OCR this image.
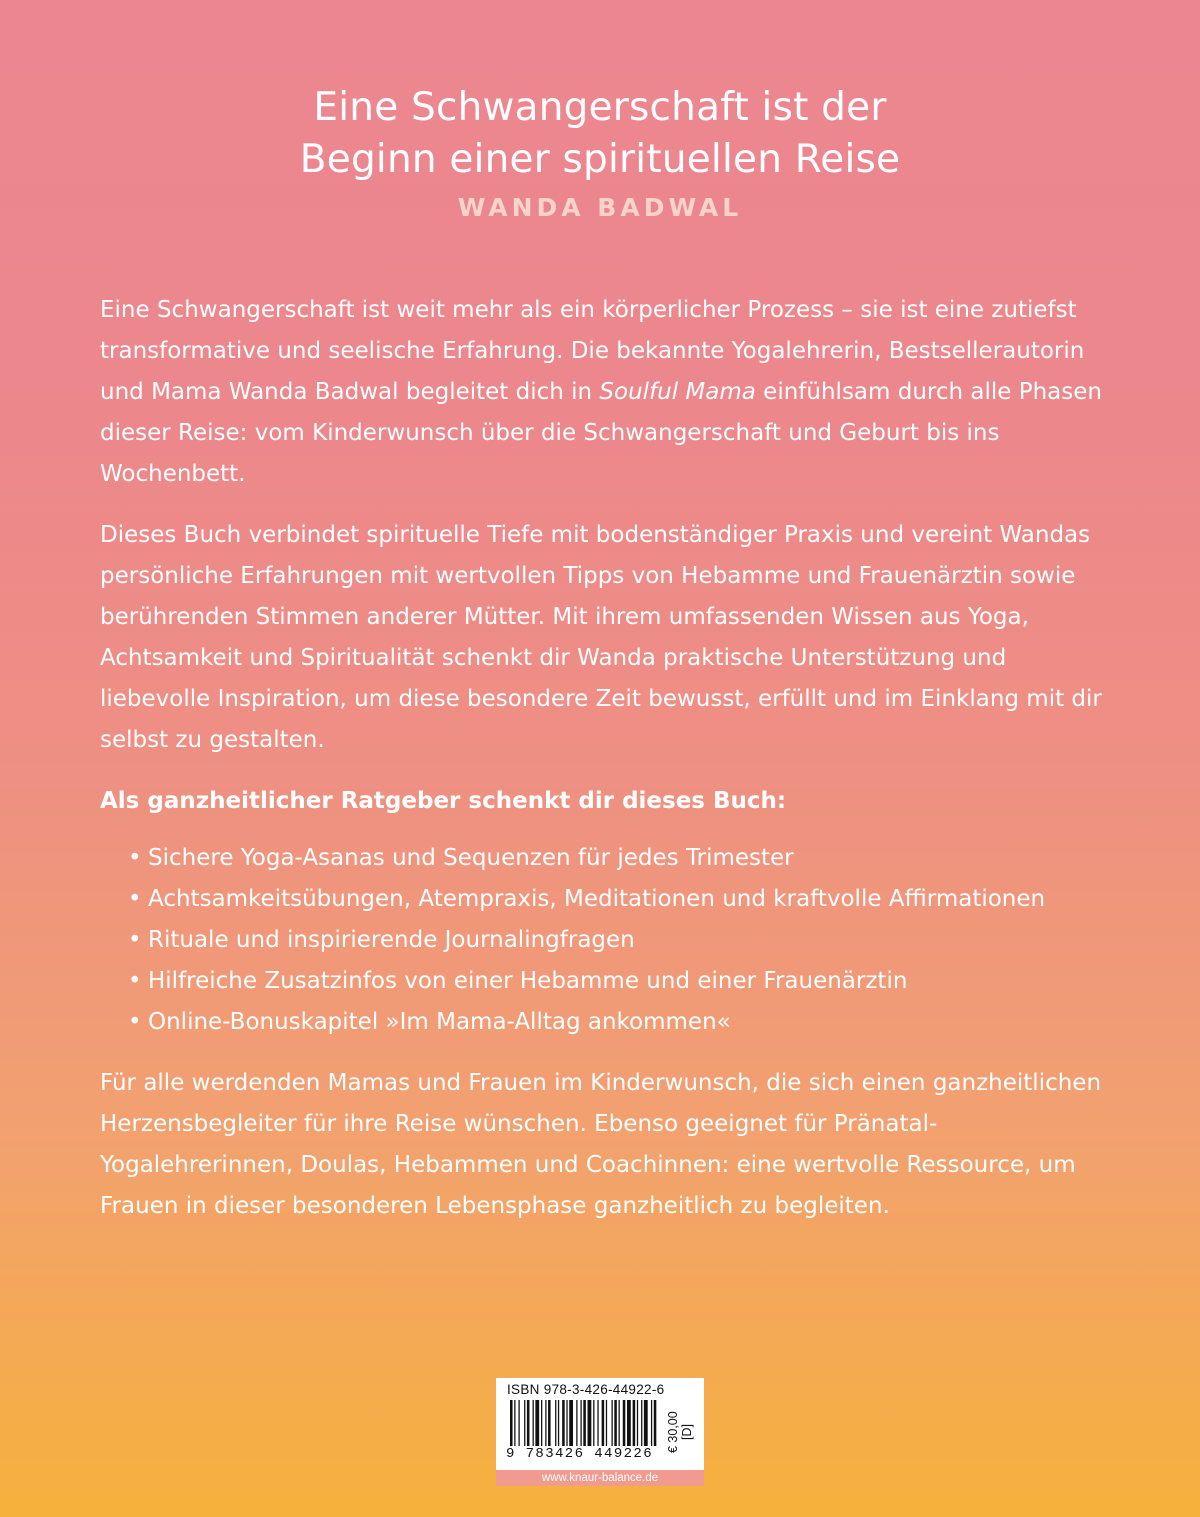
Eine Schwangerschaft ist der
Beginn einer spirituellen Reise
WANDA BADWAL

Eine Schwangerschaft ist weit mehr als ein körperlicher Prozess – sie ist eine zutiefst transformative und seelische Erfahrung. Die bekannte Yogalehrerin, Bestsellerautorin und Mama Wanda Badwal begleitet dich in Soulful Mama einfühlsam durch alle Phasen dieser Reise: vom Kinderwunsch über die Schwangerschaft und Geburt bis ins Wochenbett.

Dieses Buch verbindet spirituelle Tiefe mit bodenständiger Praxis und vereint Wandas persönliche Erfahrungen mit wertvollen Tipps von Hebamme und Frauenärztin sowie berührenden Stimmen anderer Mütter. Mit ihrem umfassenden Wissen aus Yoga, Achtsamkeit und Spiritualität schenkt dir Wanda praktische Unterstützung und liebevolle Inspiration, um diese besondere Zeit bewusst, erfüllt und im Einklang mit dir selbst zu gestalten.

Als ganzheitlicher Ratgeber schenkt dir dieses Buch:

• Sichere Yoga-Asanas und Sequenzen für jedes Trimester
• Achtsamkeitsübungen, Atempraxis, Meditationen und kraftvolle Affirmationen
• Rituale und inspirierende Journalingfragen
• Hilfreiche Zusatzinfos von einer Hebamme und einer Frauenärztin
• Online-Bonuskapitel »Im Mama-Alltag ankommen«

Für alle werdenden Mamas und Frauen im Kinderwunsch, die sich einen ganzheitlichen Herzensbegleiter für ihre Reise wünschen. Ebenso geeignet für Pränatal-Yogalehrerinnen, Doulas, Hebammen und Coachinnen: eine wertvolle Ressource, um Frauen in dieser besonderen Lebensphase ganzheitlich zu begleiten.

ISBN 978-3-426-44922-6
9 783426 449226
€ 30,00 [D]
www.knaur-balance.de
